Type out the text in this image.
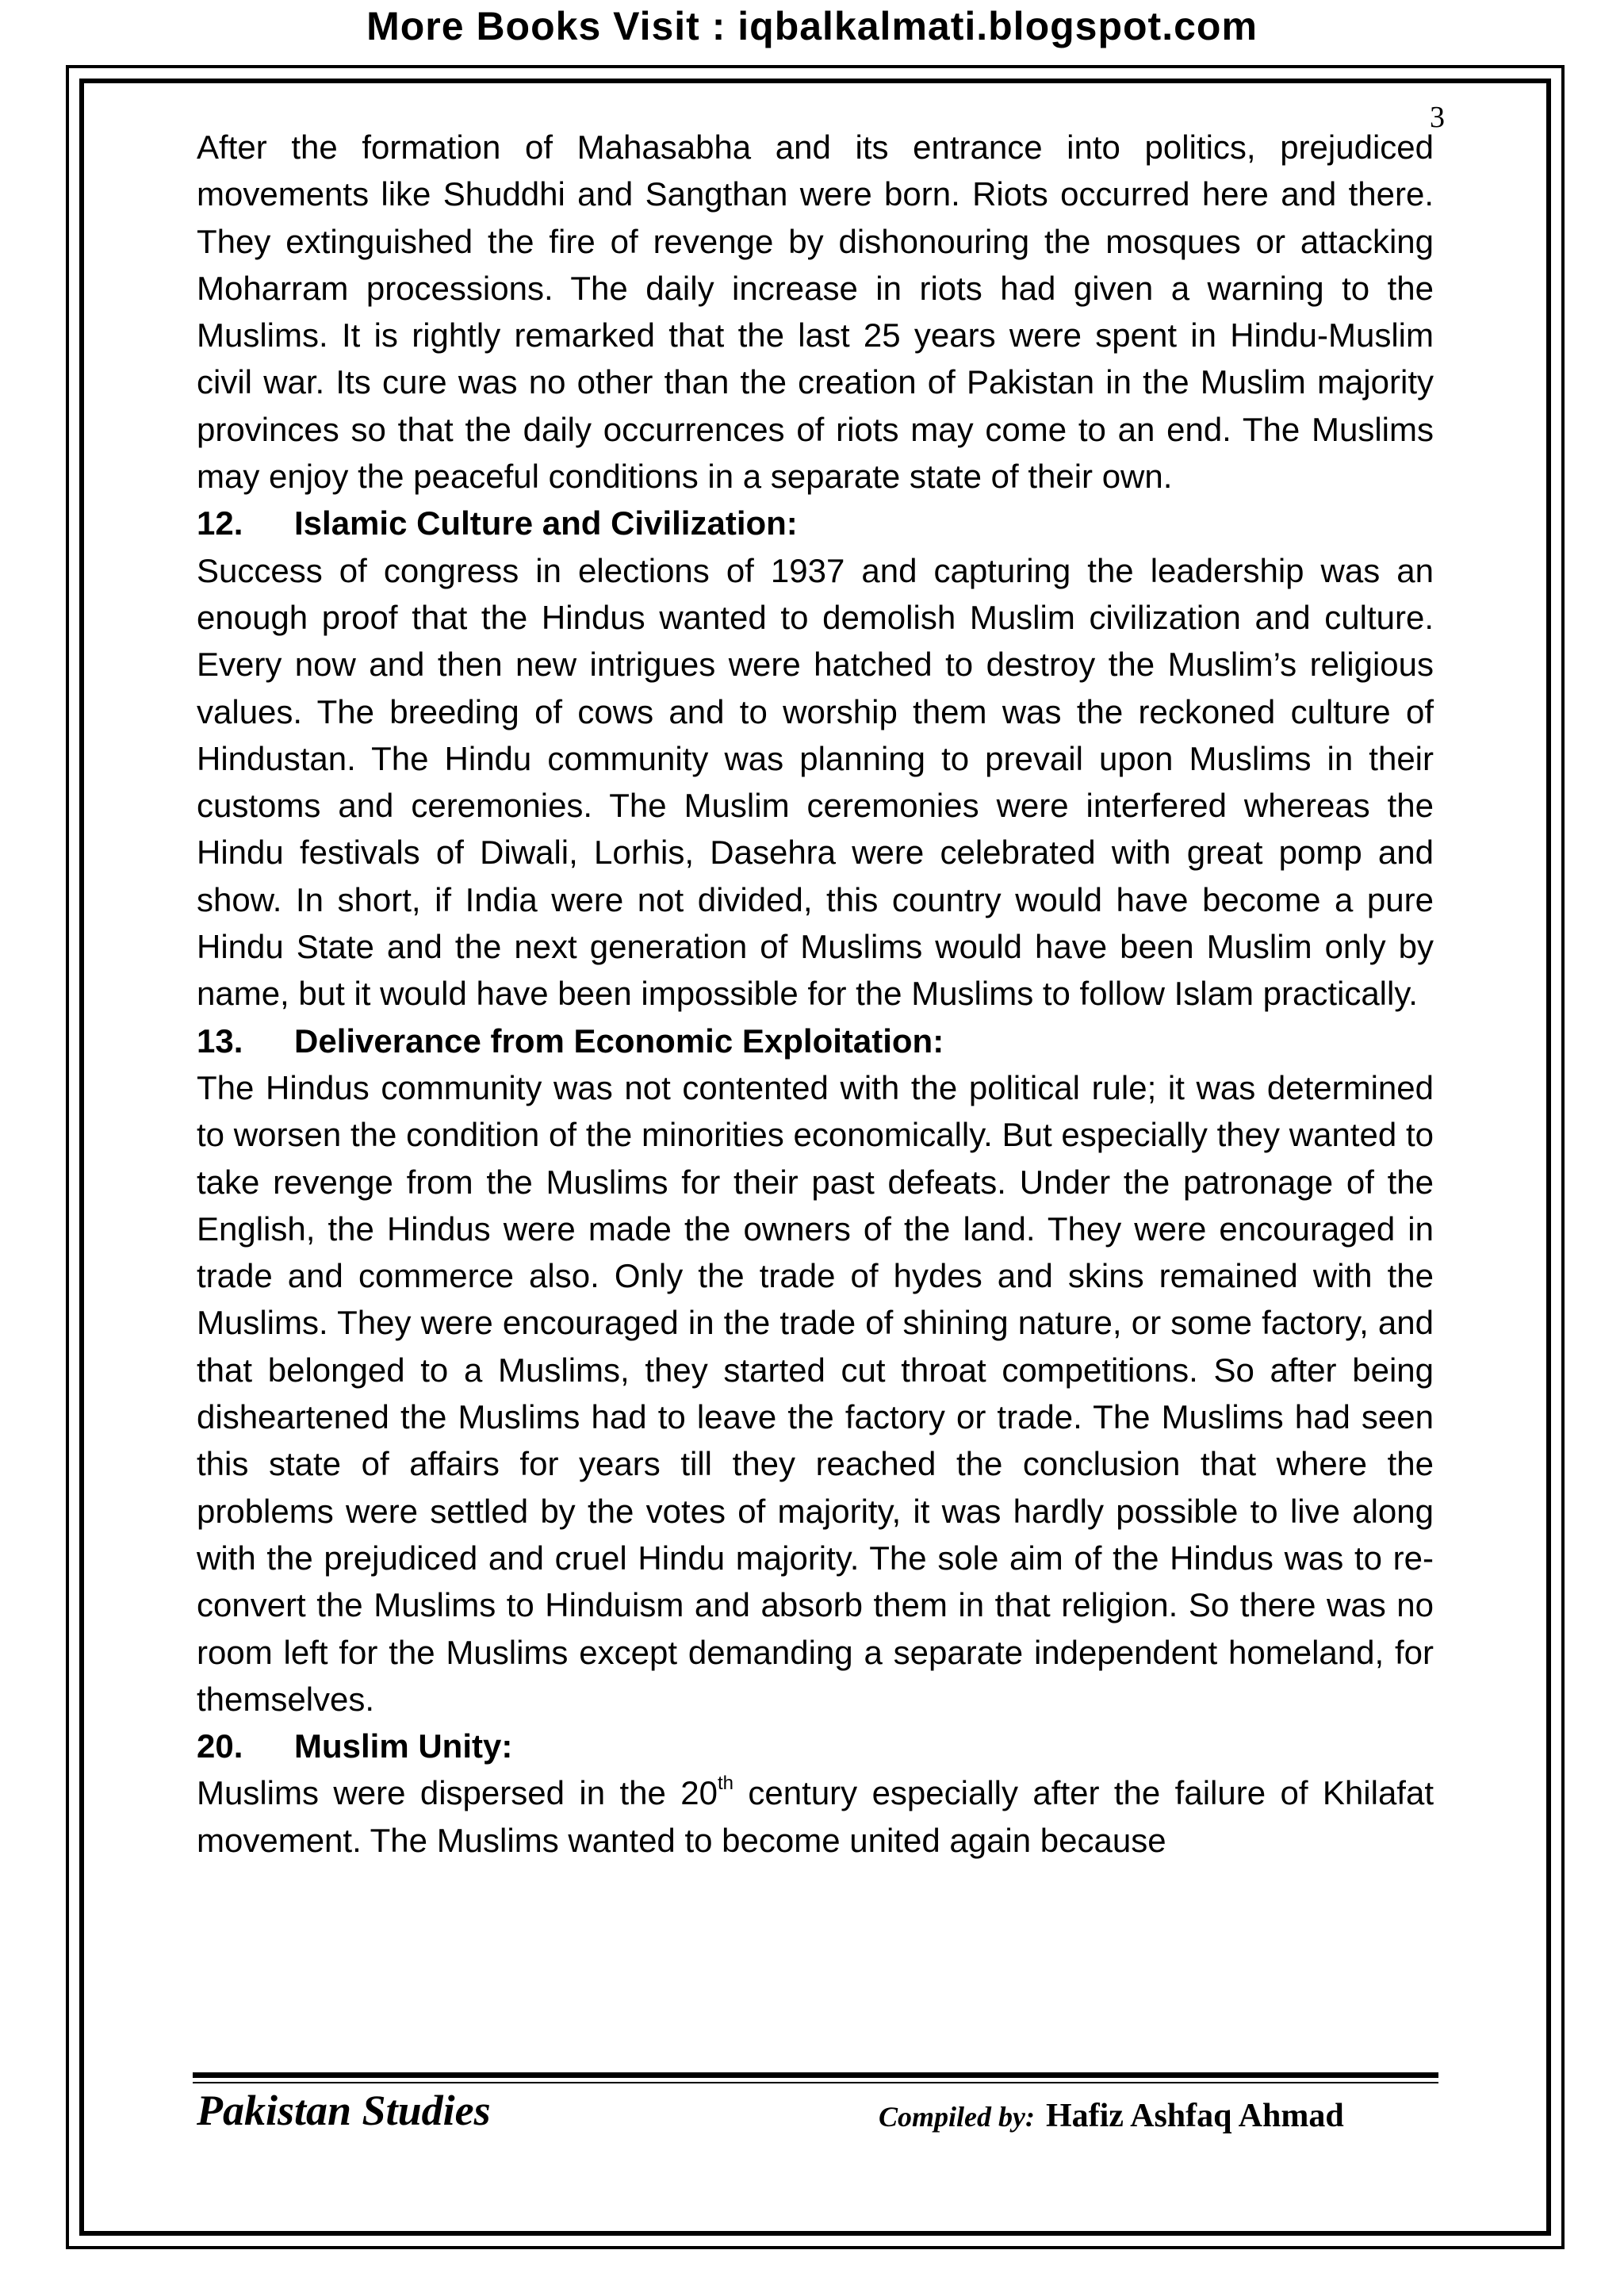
More Books Visit : iqbalkalmati.blogspot.com
3

After the formation of Mahasabha and its entrance into politics, prejudiced movements like Shuddhi and Sangthan were born. Riots occurred here and there. They extinguished the fire of revenge by dishonouring the mosques or attacking Moharram processions. The daily increase in riots had given a warning to the Muslims. It is rightly remarked that the last 25 years were spent in Hindu-Muslim civil war. Its cure was no other than the creation of Pakistan in the Muslim majority provinces so that the daily occurrences of riots may come to an end. The Muslims may enjoy the peaceful conditions in a separate state of their own.

12. Islamic Culture and Civilization:

Success of congress in elections of 1937 and capturing the leadership was an enough proof that the Hindus wanted to demolish Muslim civilization and culture. Every now and then new intrigues were hatched to destroy the Muslim’s religious values. The breeding of cows and to worship them was the reckoned culture of Hindustan. The Hindu community was planning to prevail upon Muslims in their customs and ceremonies. The Muslim ceremonies were interfered whereas the Hindu festivals of Diwali, Lorhis, Dasehra were celebrated with great pomp and show. In short, if India were not divided, this country would have become a pure Hindu State and the next generation of Muslims would have been Muslim only by name, but it would have been impossible for the Muslims to follow Islam practically.

13. Deliverance from Economic Exploitation:

The Hindus community was not contented with the political rule; it was determined to worsen the condition of the minorities economically. But especially they wanted to take revenge from the Muslims for their past defeats. Under the patronage of the English, the Hindus were made the owners of the land. They were encouraged in trade and commerce also. Only the trade of hydes and skins remained with the Muslims. They were encouraged in the trade of shining nature, or some factory, and that belonged to a Muslims, they started cut throat competitions. So after being disheartened the Muslims had to leave the factory or trade. The Muslims had seen this state of affairs for years till they reached the conclusion that where the problems were settled by the votes of majority, it was hardly possible to live along with the prejudiced and cruel Hindu majority. The sole aim of the Hindus was to re-convert the Muslims to Hinduism and absorb them in that religion. So there was no room left for the Muslims except demanding a separate independent homeland, for themselves.

20. Muslim Unity:

Muslims were dispersed in the 20th century especially after the failure of Khilafat movement. The Muslims wanted to become united again because

Pakistan Studies	Compiled by: Hafiz Ashfaq Ahmad
